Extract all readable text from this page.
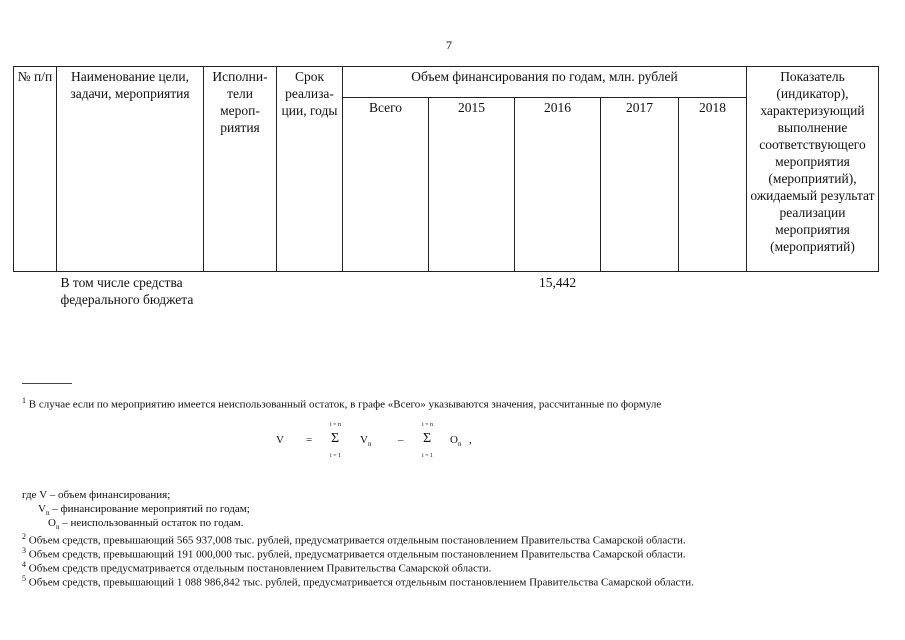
7
№ п/п	Наименование цели, задачи, мероприятия	Исполни-тели мероп-риятия	Срок реализа-ции, годы	Объем финансирования по годам, млн. рублей					Показатель (индикатор), характеризующий выполнение соответствующего мероприятия (мероприятий), ожидаемый результат реализации мероприятия (мероприятий)
				Всего	2015	2016	2017	2018	
	В том числе средства федерального бюджета					15,442			
$^1$ В случае если по мероприятию имеется неиспользованный остаток, в графе «Всего» указываются значения, рассчитанные по формуле
V =
i = n
Σ
i = 1
$V_n$ –
i = n
Σ
i = 1
$O_n$ ,
где V – объем финансирования;
$V_n$ – финансирование мероприятий по годам;
$O_n$ – неиспользованный остаток по годам.
$^2$ Объем средств, превышающий 565 937,008 тыс. рублей, предусматривается отдельным постановлением Правительства Самарской области.
$^3$ Объем средств, превышающий 191 000,000 тыс. рублей, предусматривается отдельным постановлением Правительства Самарской области.
$^4$ Объем средств предусматривается отдельным постановлением Правительства Самарской области.
$^5$ Объем средств, превышающий 1 088 986,842 тыс. рублей, предусматривается отдельным постановлением Правительства Самарской области.
